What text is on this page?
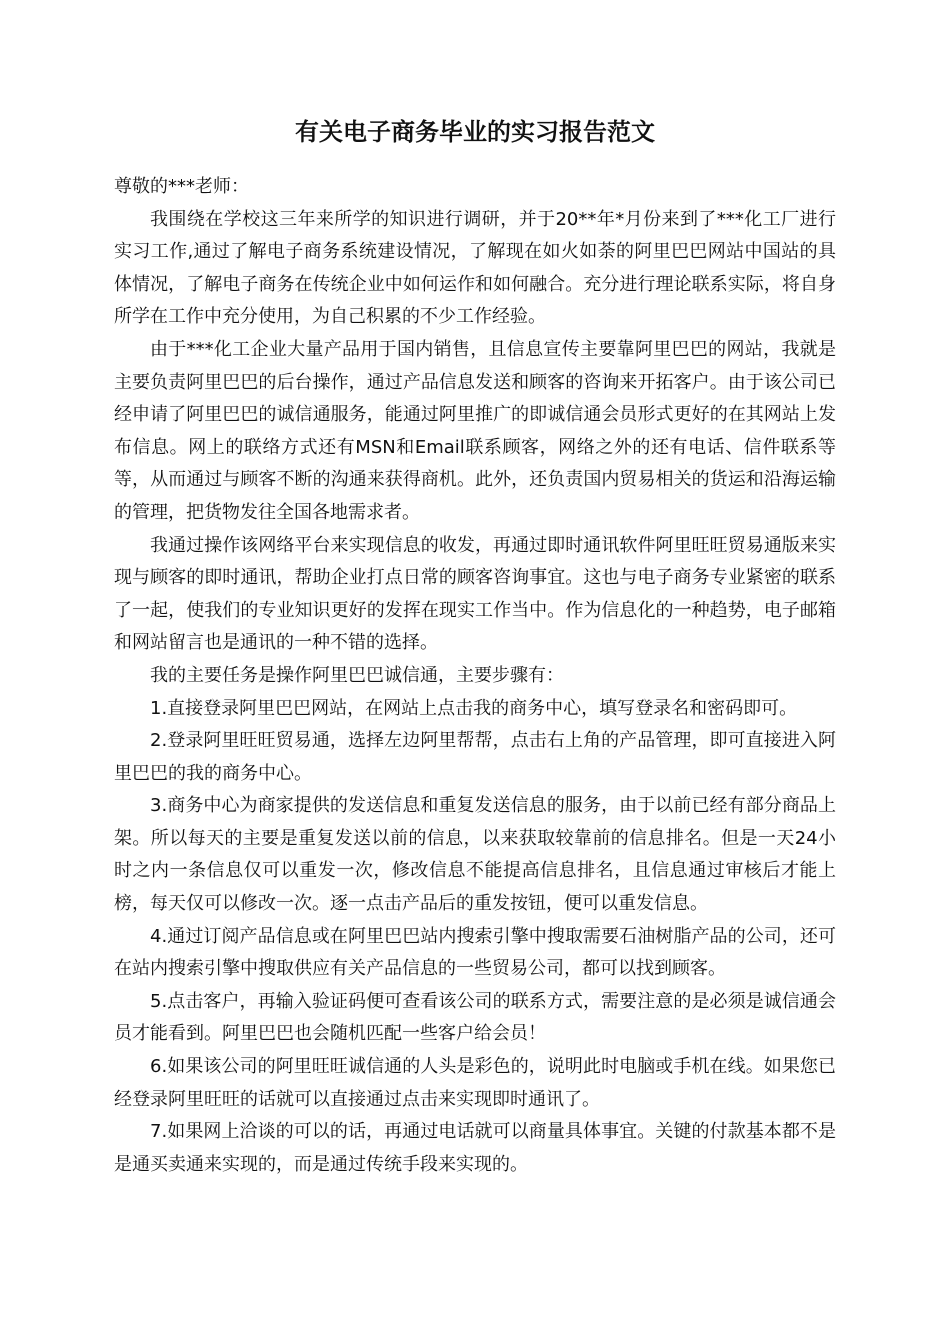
有关电子商务毕业的实习报告范文

尊敬的***老师：

我围绕在学校这三年来所学的知识进行调研，并于20**年*月份来到了***化工厂进行实习工作,通过了解电子商务系统建设情况，了解现在如火如荼的阿里巴巴网站中国站的具体情况，了解电子商务在传统企业中如何运作和如何融合。充分进行理论联系实际，将自身所学在工作中充分使用，为自己积累的不少工作经验。

由于***化工企业大量产品用于国内销售，且信息宣传主要靠阿里巴巴的网站，我就是主要负责阿里巴巴的后台操作，通过产品信息发送和顾客的咨询来开拓客户。由于该公司已经申请了阿里巴巴的诚信通服务，能通过阿里推广的即诚信通会员形式更好的在其网站上发布信息。网上的联络方式还有MSN和Email联系顾客，网络之外的还有电话、信件联系等等，从而通过与顾客不断的沟通来获得商机。此外，还负责国内贸易相关的货运和沿海运输的管理，把货物发往全国各地需求者。

我通过操作该网络平台来实现信息的收发，再通过即时通讯软件阿里旺旺贸易通版来实现与顾客的即时通讯，帮助企业打点日常的顾客咨询事宜。这也与电子商务专业紧密的联系了一起，使我们的专业知识更好的发挥在现实工作当中。作为信息化的一种趋势，电子邮箱和网站留言也是通讯的一种不错的选择。

我的主要任务是操作阿里巴巴诚信通，主要步骤有：

1.直接登录阿里巴巴网站，在网站上点击我的商务中心，填写登录名和密码即可。

2.登录阿里旺旺贸易通，选择左边阿里帮帮，点击右上角的产品管理，即可直接进入阿里巴巴的我的商务中心。

3.商务中心为商家提供的发送信息和重复发送信息的服务，由于以前已经有部分商品上架。所以每天的主要是重复发送以前的信息，以来获取较靠前的信息排名。但是一天24小时之内一条信息仅可以重发一次，修改信息不能提高信息排名，且信息通过审核后才能上榜，每天仅可以修改一次。逐一点击产品后的重发按钮，便可以重发信息。

4.通过订阅产品信息或在阿里巴巴站内搜索引擎中搜取需要石油树脂产品的公司，还可在站内搜索引擎中搜取供应有关产品信息的一些贸易公司，都可以找到顾客。

5.点击客户，再输入验证码便可查看该公司的联系方式，需要注意的是必须是诚信通会员才能看到。阿里巴巴也会随机匹配一些客户给会员！

6.如果该公司的阿里旺旺诚信通的人头是彩色的，说明此时电脑或手机在线。如果您已经登录阿里旺旺的话就可以直接通过点击来实现即时通讯了。

7.如果网上洽谈的可以的话，再通过电话就可以商量具体事宜。关键的付款基本都不是是通买卖通来实现的，而是通过传统手段来实现的。
